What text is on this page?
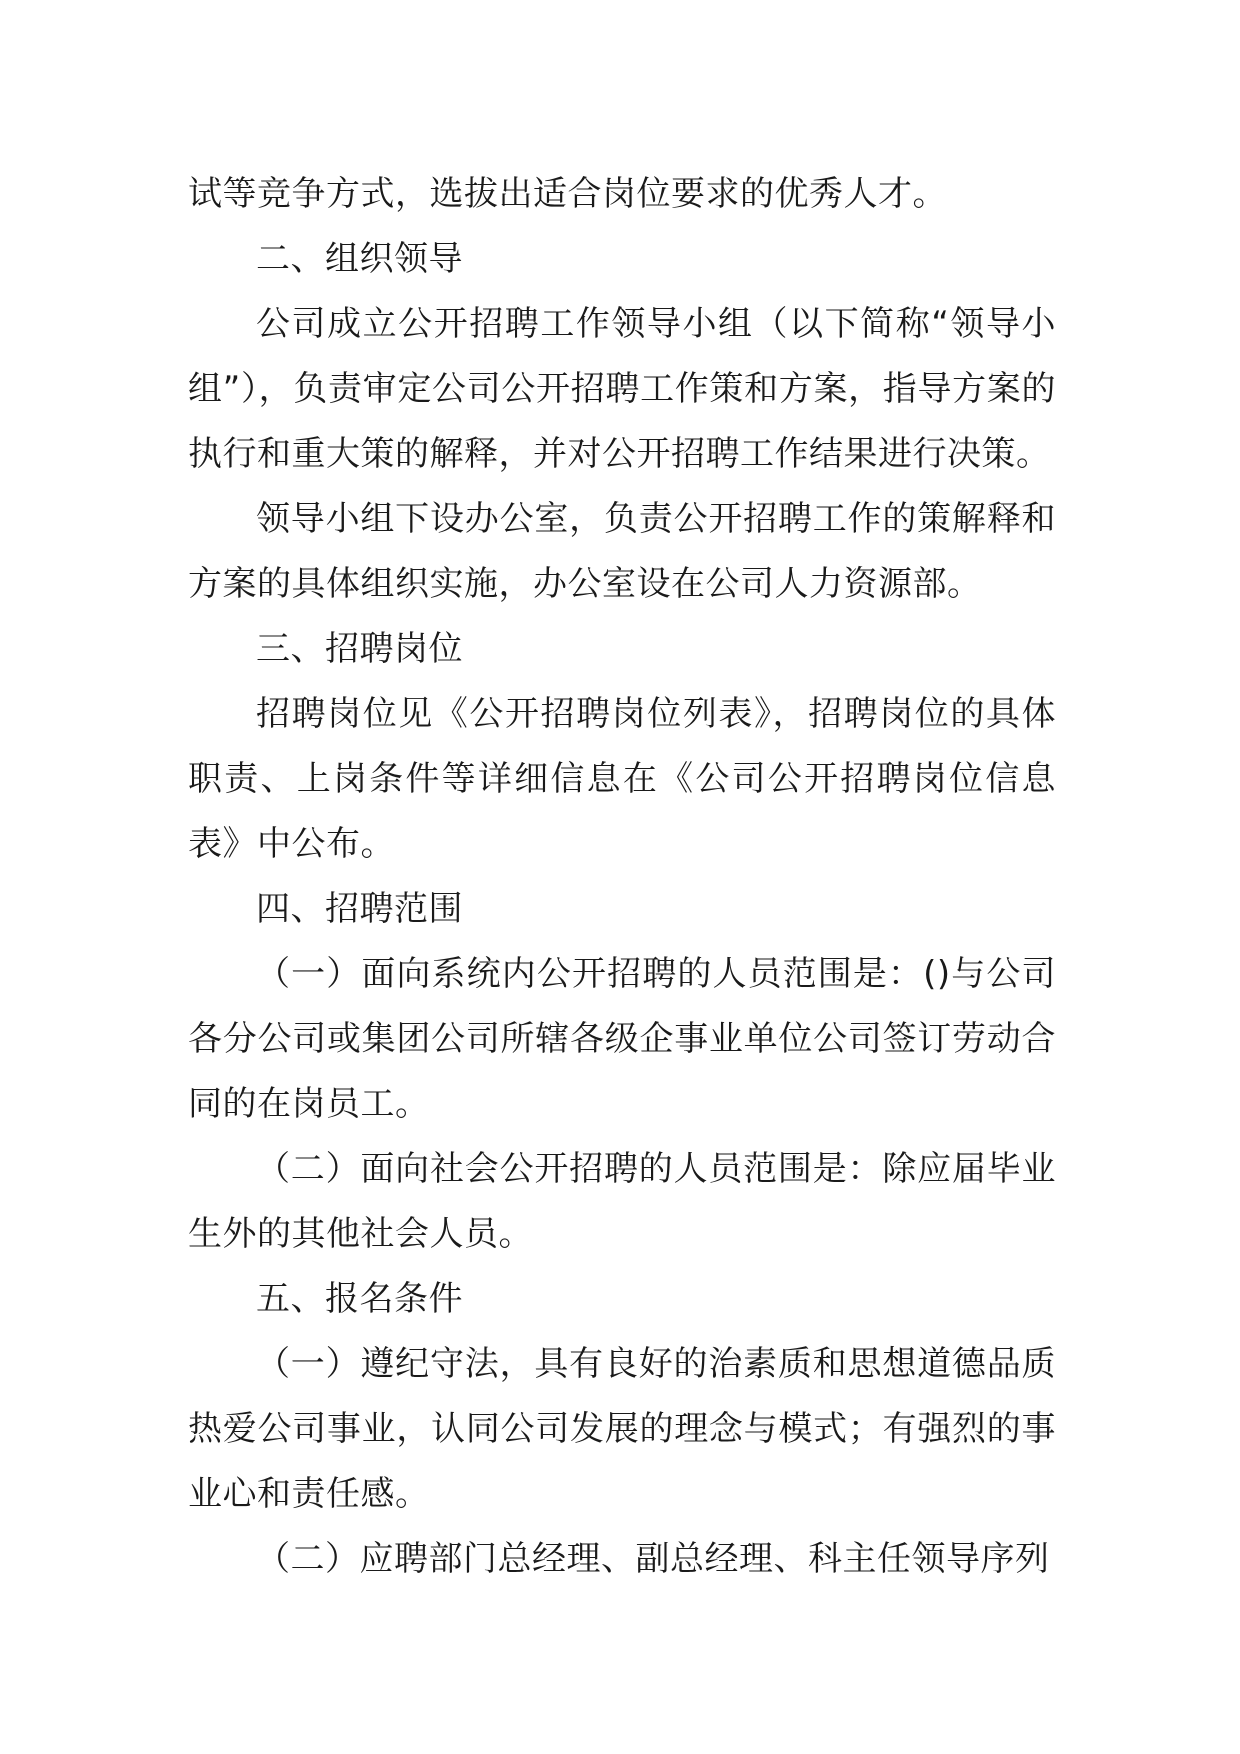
试等竞争方式，选拔出适合岗位要求的优秀人才。

二、组织领导

公司成立公开招聘工作领导小组（以下简称“领导小组”），负责审定公司公开招聘工作策和方案，指导方案的执行和重大策的解释，并对公开招聘工作结果进行决策。

领导小组下设办公室，负责公开招聘工作的策解释和方案的具体组织实施，办公室设在公司人力资源部。

三、招聘岗位

招聘岗位见《公开招聘岗位列表》，招聘岗位的具体职责、上岗条件等详细信息在《公司公开招聘岗位信息表》中公布。

四、招聘范围

（一）面向系统内公开招聘的人员范围是：()与公司各分公司或集团公司所辖各级企事业单位公司签订劳动合同的在岗员工。

（二）面向社会公开招聘的人员范围是：除应届毕业生外的其他社会人员。

五、报名条件

（一）遵纪守法，具有良好的治素质和思想道德品质热爱公司事业，认同公司发展的理念与模式；有强烈的事业心和责任感。

（二）应聘部门总经理、副总经理、科主任领导序列
